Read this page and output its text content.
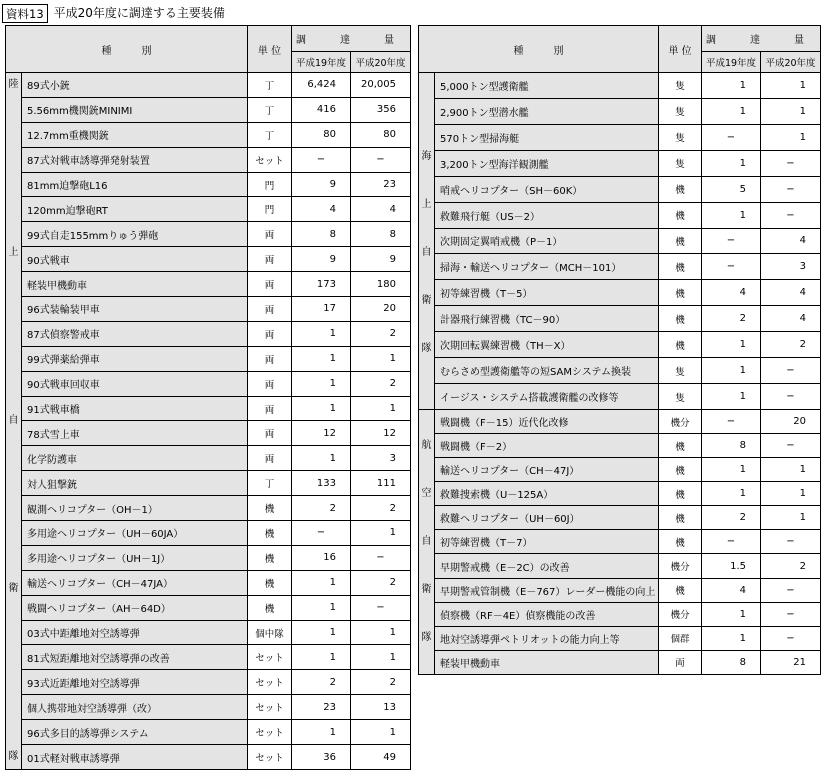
資料13 平成20年度に調達する主要装備
種　　　別		単 位	調　達　量	
			平成19年度	平成20年度

陸
上
自
衛
隊	89式小銃	丁	6,424	20,005
	5.56mm機関銃MINIMI	丁	416	356
	12.7mm重機関銃	丁	80	80
	87式対戦車誘導弾発射装置	セット	−	−
	81mm迫撃砲L16	門	9	23
	120mm迫撃砲RT	門	4	4
	99式自走155mmりゅう弾砲	両	8	8
	90式戦車	両	9	9
	軽装甲機動車	両	173	180
	96式装輪装甲車	両	17	20
	87式偵察警戒車	両	1	2
	99式弾薬給弾車	両	1	1
	90式戦車回収車	両	1	2
	91式戦車橋	両	1	1
	78式雪上車	両	12	12
	化学防護車	両	1	3
	対人狙撃銃	丁	133	111
	観測ヘリコプター（OH－1）	機	2	2
	多用途ヘリコプター（UH－60JA）	機	−	1
	多用途ヘリコプター（UH－1J）	機	16	−
	輸送ヘリコプター（CH－47JA）	機	1	2
	戦闘ヘリコプター（AH－64D）	機	1	−
	03式中距離地対空誘導弾	個中隊	1	1
	81式短距離地対空誘導弾の改善	セット	1	1
	93式近距離地対空誘導弾	セット	2	2
	個人携帯地対空誘導弾（改）	セット	23	13
	96式多目的誘導弾システム	セット	1	1
	01式軽対戦車誘導弾	セット	36	49
種　　　別		単 位	調　達　量	
			平成19年度	平成20年度

海
上
自
衛
隊	5,000トン型護衛艦	隻	1	1
	2,900トン型潜水艦	隻	1	1
	570トン型掃海艇	隻	−	1
	3,200トン型海洋観測艦	隻	1	−
	哨戒ヘリコプター（SH－60K）	機	5	−
	救難飛行艇（US－2）	機	1	−
	次期固定翼哨戒機（P－1）	機	−	4
	掃海・輸送ヘリコプター（MCH－101）	機	−	3
	初等練習機（T－5）	機	4	4
	計器飛行練習機（TC－90）	機	2	4
	次期回転翼練習機（TH－X）	機	1	2
	むらさめ型護衛艦等の短SAMシステム換装	隻	1	−
	イージス・システム搭載護衛艦の改修等	隻	1	−

航
空
自
衛
隊	戦闘機（F－15）近代化改修	機分	−	20
	戦闘機（F－2）	機	8	−
	輸送ヘリコプター（CH－47J）	機	1	1
	救難捜索機（U－125A）	機	1	1
	救難ヘリコプター（UH－60J）	機	2	1
	初等練習機（T－7）	機	−	−
	早期警戒機（E－2C）の改善	機分	1.5	2
	早期警戒管制機（E－767）レーダー機能の向上	機	4	−
	偵察機（RF－4E）偵察機能の改善	機分	1	−
	地対空誘導弾ペトリオットの能力向上等	個群	1	−
	軽装甲機動車	両	8	21
